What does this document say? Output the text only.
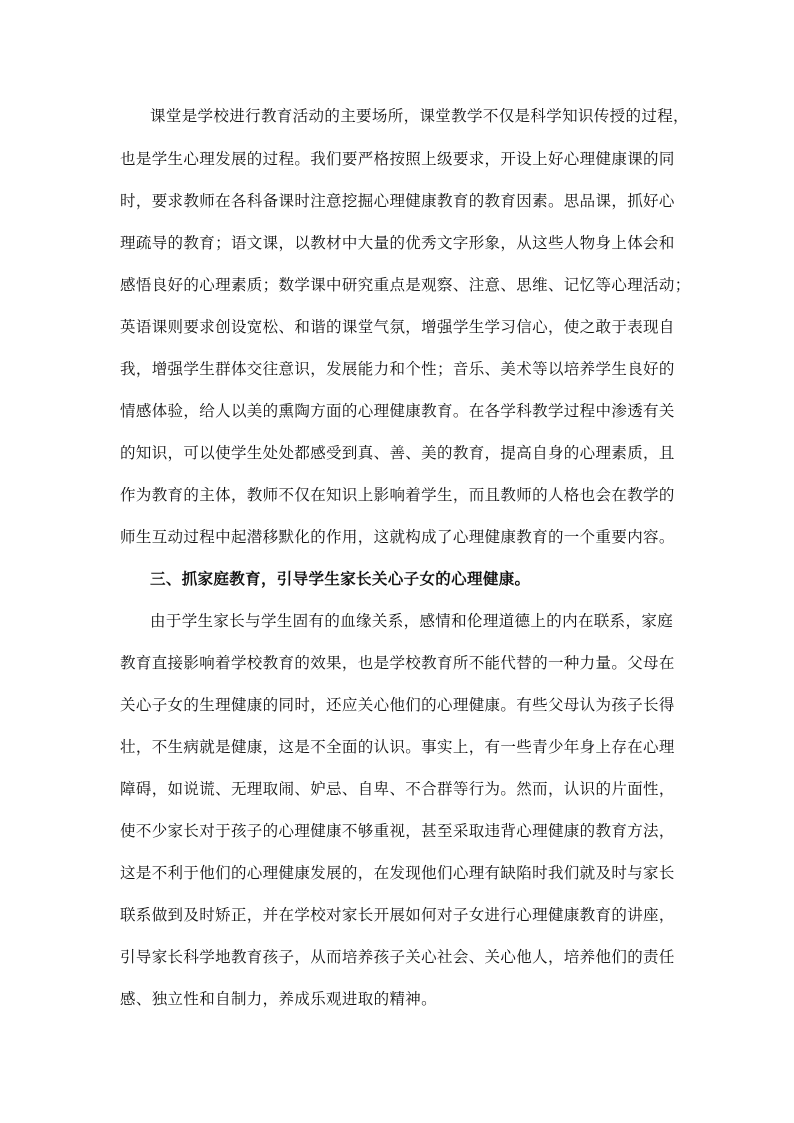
课堂是学校进行教育活动的主要场所，课堂教学不仅是科学知识传授的过程，
也是学生心理发展的过程。我们要严格按照上级要求，开设上好心理健康课的同
时，要求教师在各科备课时注意挖掘心理健康教育的教育因素。思品课，抓好心
理疏导的教育；语文课，以教材中大量的优秀文字形象，从这些人物身上体会和
感悟良好的心理素质；数学课中研究重点是观察、注意、思维、记忆等心理活动；
英语课则要求创设宽松、和谐的课堂气氛，增强学生学习信心，使之敢于表现自
我，增强学生群体交往意识，发展能力和个性；音乐、美术等以培养学生良好的
情感体验，给人以美的熏陶方面的心理健康教育。在各学科教学过程中渗透有关
的知识，可以使学生处处都感受到真、善、美的教育，提高自身的心理素质，且
作为教育的主体，教师不仅在知识上影响着学生，而且教师的人格也会在教学的
师生互动过程中起潜移默化的作用，这就构成了心理健康教育的一个重要内容。
三、抓家庭教育，引导学生家长关心子女的心理健康。
由于学生家长与学生固有的血缘关系，感情和伦理道德上的内在联系，家庭
教育直接影响着学校教育的效果，也是学校教育所不能代替的一种力量。父母在
关心子女的生理健康的同时，还应关心他们的心理健康。有些父母认为孩子长得
壮，不生病就是健康，这是不全面的认识。事实上，有一些青少年身上存在心理
障碍，如说谎、无理取闹、妒忌、自卑、不合群等行为。然而，认识的片面性，
使不少家长对于孩子的心理健康不够重视，甚至采取违背心理健康的教育方法，
这是不利于他们的心理健康发展的，在发现他们心理有缺陷时我们就及时与家长
联系做到及时矫正，并在学校对家长开展如何对子女进行心理健康教育的讲座，
引导家长科学地教育孩子，从而培养孩子关心社会、关心他人，培养他们的责任
感、独立性和自制力，养成乐观进取的精神。
